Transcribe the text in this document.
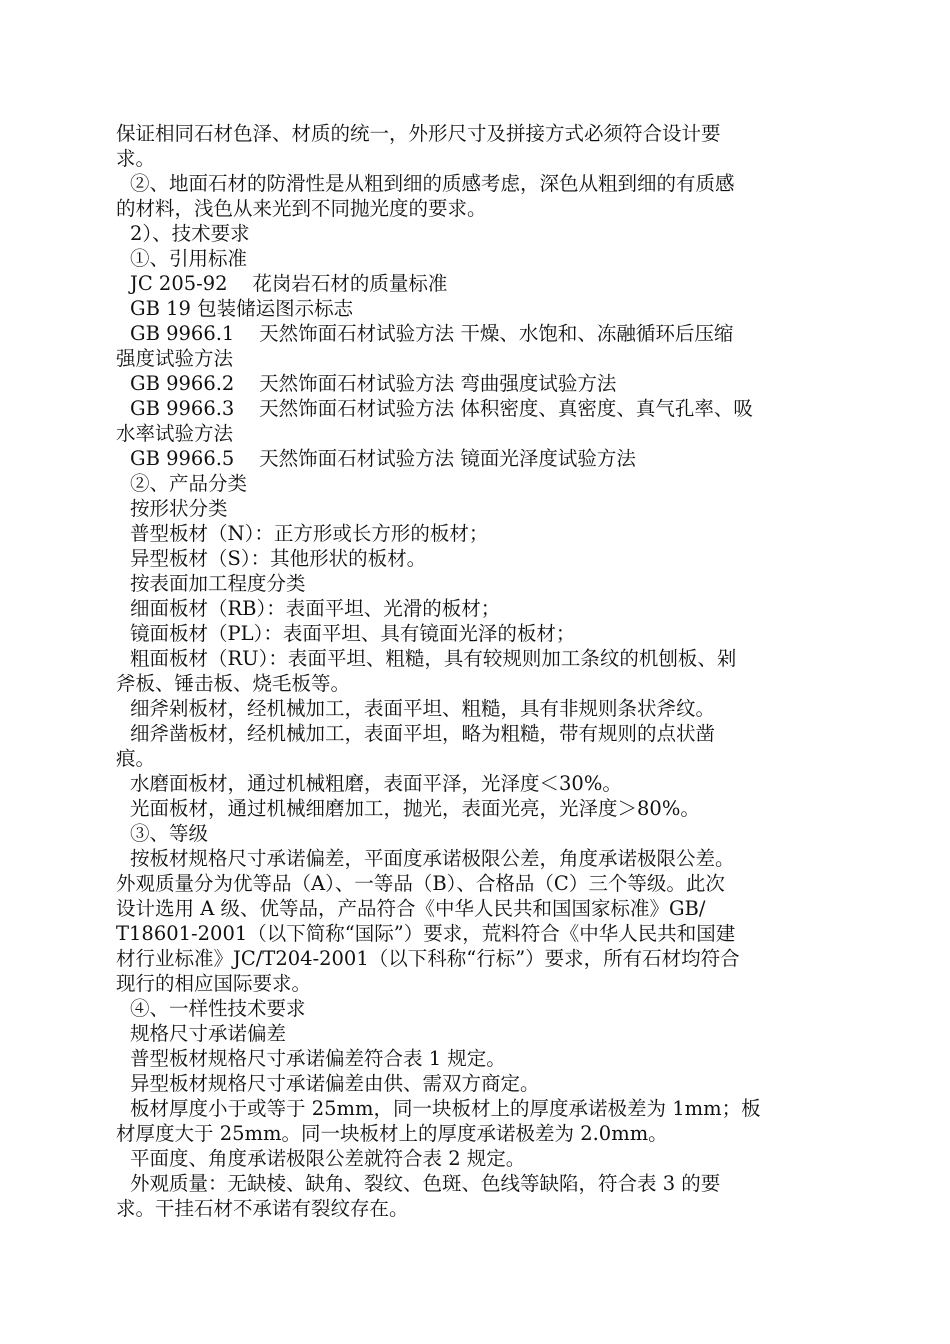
保证相同石材色泽、材质的统一，外形尺寸及拼接方式必须符合设计要
求。
②、地面石材的防滑性是从粗到细的质感考虑，深色从粗到细的有质感
的材料，浅色从来光到不同抛光度的要求。
2）、技术要求
①、引用标准
JC 205-92    花岗岩石材的质量标准
GB 19 包装储运图示标志
GB 9966.1    天然饰面石材试验方法 干燥、水饱和、冻融循环后压缩
强度试验方法
GB 9966.2    天然饰面石材试验方法 弯曲强度试验方法
GB 9966.3    天然饰面石材试验方法 体积密度、真密度、真气孔率、吸
水率试验方法
GB 9966.5    天然饰面石材试验方法 镜面光泽度试验方法
②、产品分类
按形状分类
普型板材（N）：正方形或长方形的板材；
异型板材（S）：其他形状的板材。
按表面加工程度分类
细面板材（RB）：表面平坦、光滑的板材；
镜面板材（PL）：表面平坦、具有镜面光泽的板材；
粗面板材（RU）：表面平坦、粗糙，具有较规则加工条纹的机刨板、剁
斧板、锤击板、烧毛板等。
细斧剁板材，经机械加工，表面平坦、粗糙，具有非规则条状斧纹。
细斧凿板材，经机械加工，表面平坦，略为粗糙，带有规则的点状凿
痕。
水磨面板材，通过机械粗磨，表面平泽，光泽度＜30%。
光面板材，通过机械细磨加工，抛光，表面光亮，光泽度＞80%。
③、等级
按板材规格尺寸承诺偏差，平面度承诺极限公差，角度承诺极限公差。
外观质量分为优等品（A）、一等品（B）、合格品（C）三个等级。此次
设计选用 A 级、优等品，产品符合《中华人民共和国国家标准》GB/
T18601-2001（以下简称“国际”）要求，荒料符合《中华人民共和国建
材行业标准》JC/T204-2001（以下科称“行标”）要求，所有石材均符合
现行的相应国际要求。
④、一样性技术要求
规格尺寸承诺偏差
普型板材规格尺寸承诺偏差符合表 1 规定。
异型板材规格尺寸承诺偏差由供、需双方商定。
板材厚度小于或等于 25mm，同一块板材上的厚度承诺极差为 1mm；板
材厚度大于 25mm。同一块板材上的厚度承诺极差为 2.0mm。
平面度、角度承诺极限公差就符合表 2 规定。
外观质量：无缺棱、缺角、裂纹、色斑、色线等缺陷，符合表 3 的要
求。干挂石材不承诺有裂纹存在。
